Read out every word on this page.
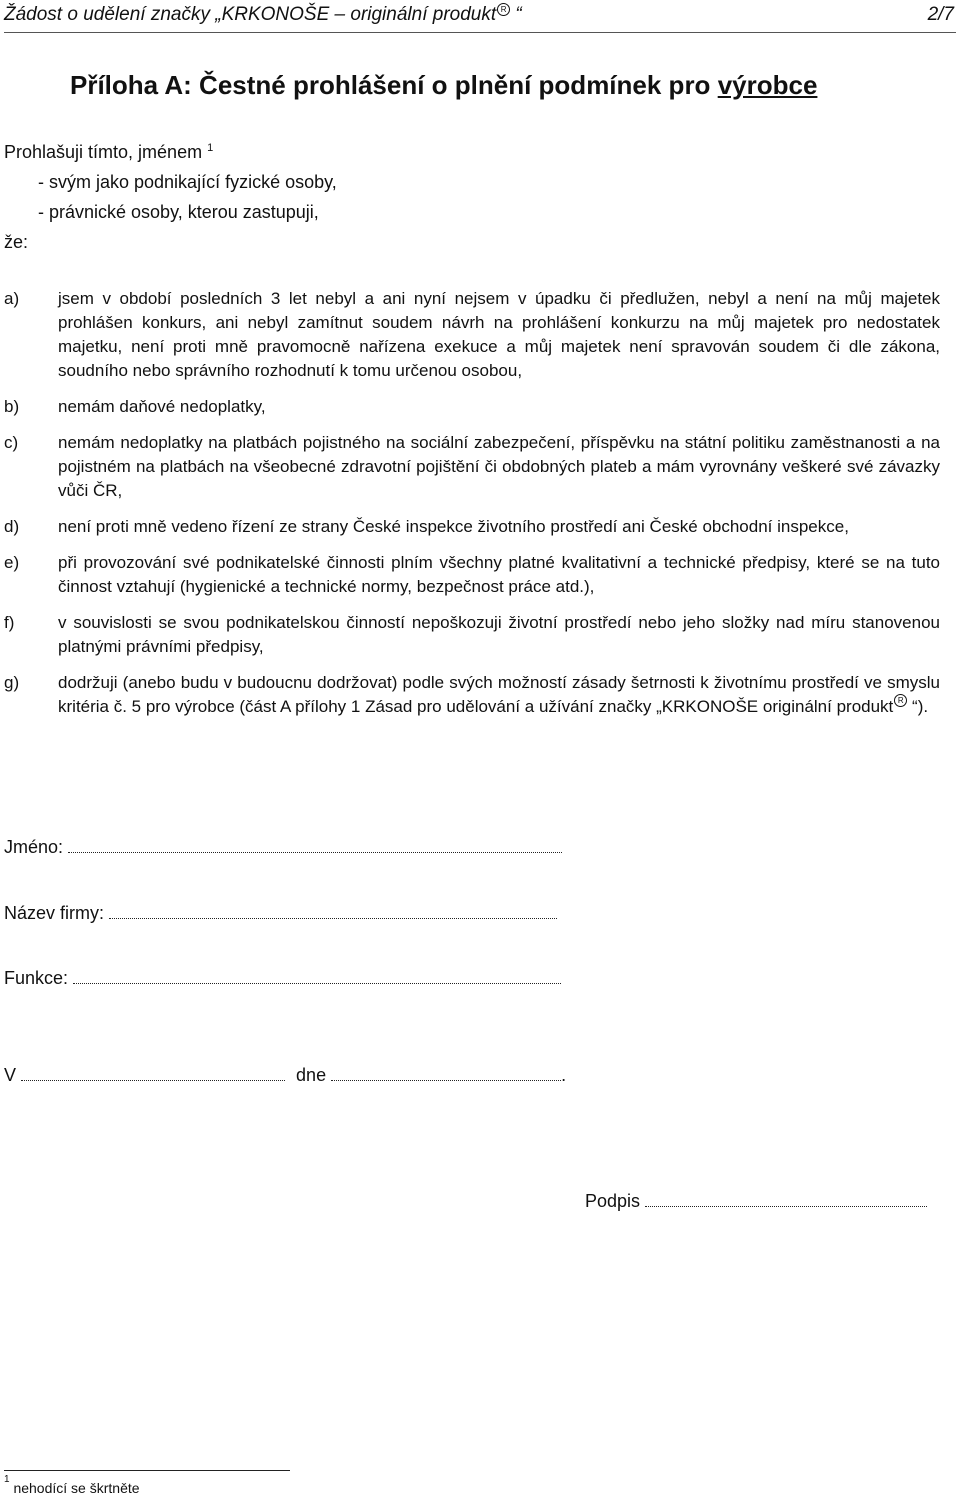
Žádost o udělení značky „KRKONOŠE – originální produkt R “	2/7
Příloha A: Čestné prohlášení o plnění podmínek pro výrobce
Prohlašuji tímto, jménem $^1$
- svým jako podnikající fyzické osoby,
- právnické osoby, kterou zastupuji,
že:
a) jsem v období posledních 3 let nebyl a ani nyní nejsem v úpadku či předlužen, nebyl a není na můj majetek prohlášen konkurs, ani nebyl zamítnut soudem návrh na prohlášení konkurzu na můj majetek pro nedostatek majetku, není proti mně pravomocně nařízena exekuce a můj majetek není spravován soudem či dle zákona, soudního nebo správního rozhodnutí k tomu určenou osobou,
b) nemám daňové nedoplatky,
c) nemám nedoplatky na platbách pojistného na sociální zabezpečení, příspěvku na státní politiku zaměstnanosti a na pojistném na platbách na všeobecné zdravotní pojištění či obdobných plateb a mám vyrovnány veškeré své závazky vůči ČR,
d) není proti mně vedeno řízení ze strany České inspekce životního prostředí ani České obchodní inspekce,
e) při provozování své podnikatelské činnosti plním všechny platné kvalitativní a technické předpisy, které se na tuto činnost vztahují (hygienické a technické normy, bezpečnost práce atd.),
f)	v souvislosti se svou podnikatelskou činností nepoškozuji životní prostředí nebo jeho složky nad míru stanovenou platnými právními předpisy,
g) dodržuji (anebo budu v budoucnu dodržovat) podle svých možností zásady šetrnosti k životnímu prostředí ve smyslu kritéria č. 5 pro výrobce (část A přílohy 1 Zásad pro udělování a užívání značky „KRKONOŠE originální produkt R “).
Jméno:
Název firmy:
Funkce:
V	dne	.
Podpis
$^1$ nehodící se škrtněte
